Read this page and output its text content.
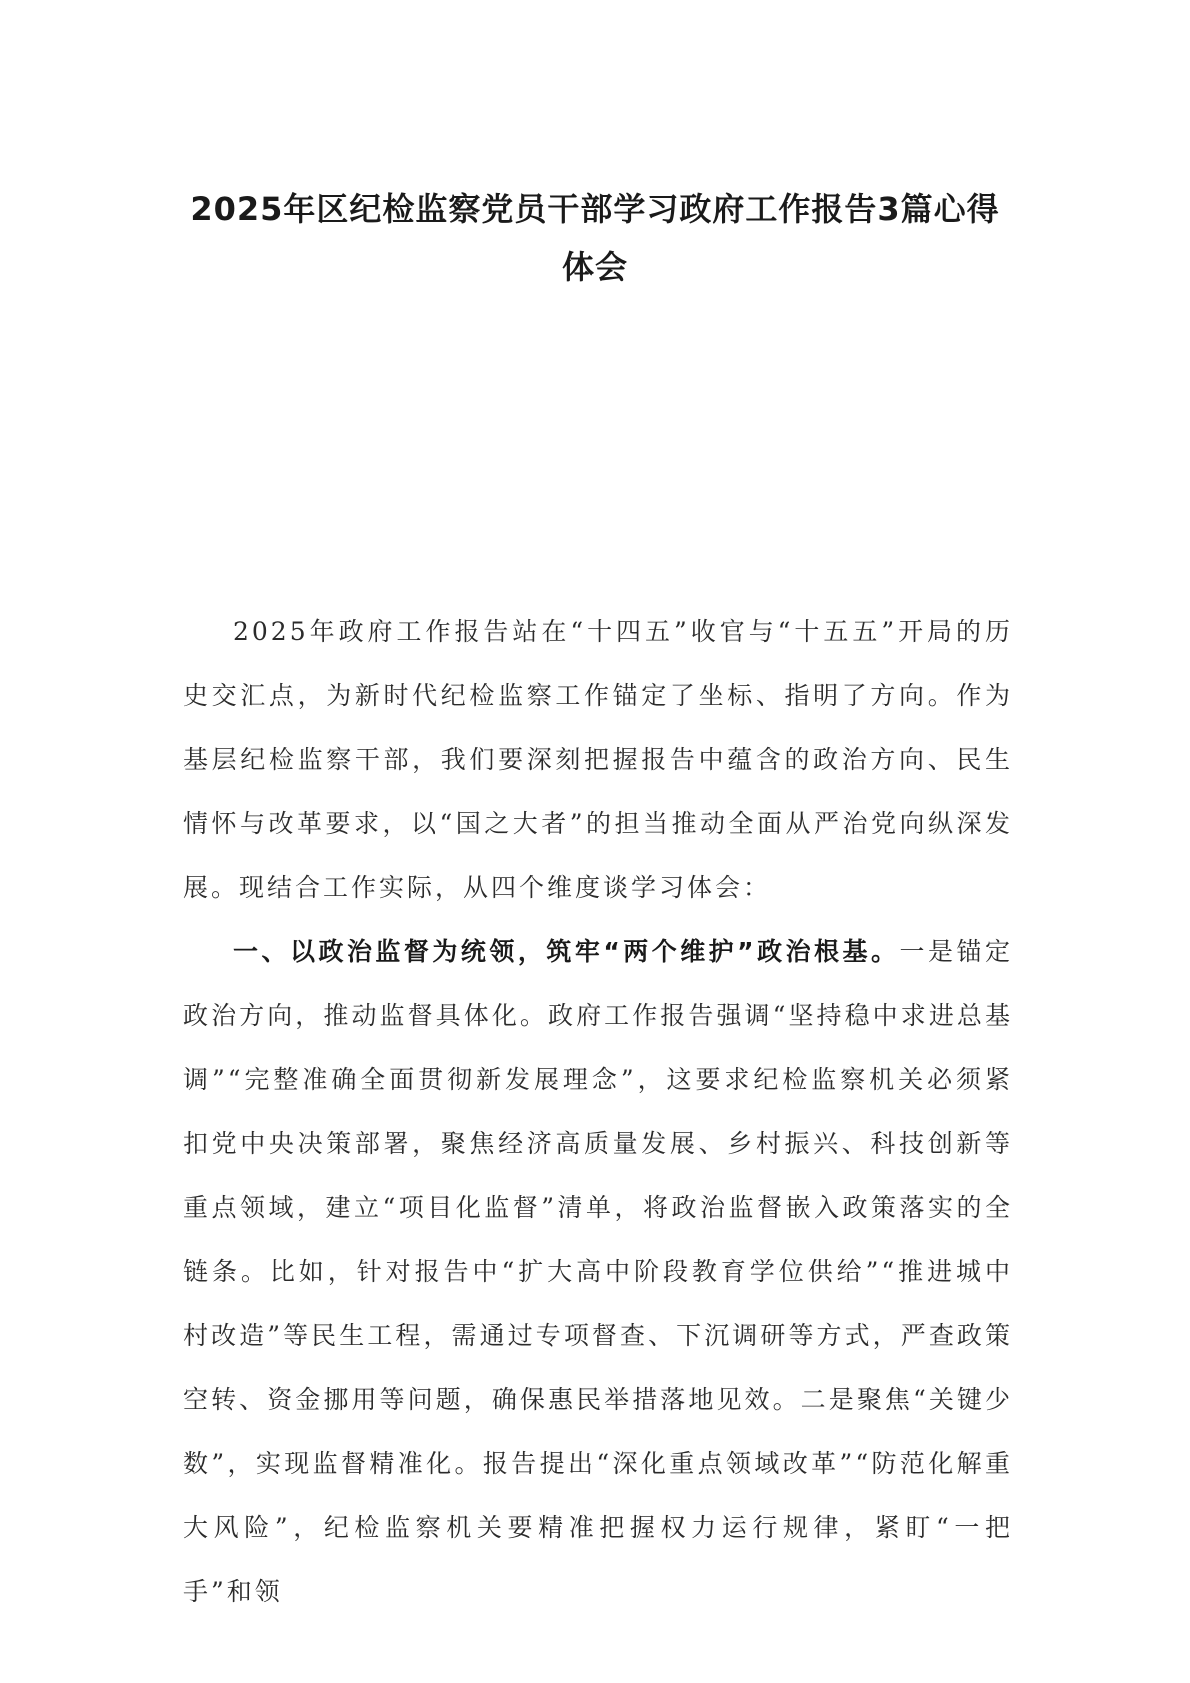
2025年区纪检监察党员干部学习政府工作报告3篇心得体会

2025年政府工作报告站在“十四五”收官与“十五五”开局的历史交汇点，为新时代纪检监察工作锚定了坐标、指明了方向。作为基层纪检监察干部，我们要深刻把握报告中蕴含的政治方向、民生情怀与改革要求，以“国之大者”的担当推动全面从严治党向纵深发展。现结合工作实际，从四个维度谈学习体会：

一、以政治监督为统领，筑牢“两个维护”政治根基。一是锚定政治方向，推动监督具体化。政府工作报告强调“坚持稳中求进总基调”“完整准确全面贯彻新发展理念”，这要求纪检监察机关必须紧扣党中央决策部署，聚焦经济高质量发展、乡村振兴、科技创新等重点领域，建立“项目化监督”清单，将政治监督嵌入政策落实的全链条。比如，针对报告中“扩大高中阶段教育学位供给”“推进城中村改造”等民生工程，需通过专项督查、下沉调研等方式，严查政策空转、资金挪用等问题，确保惠民举措落地见效。二是聚焦“关键少数”，实现监督精准化。报告提出“深化重点领域改革”“防范化解重大风险”，纪检监察机关要精准把握权力运行规律，紧盯“一把手”和领
